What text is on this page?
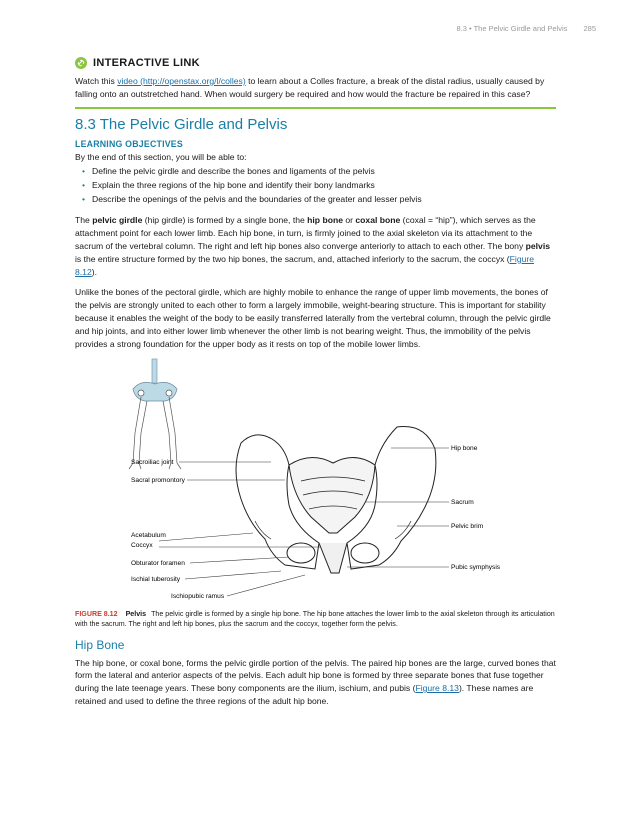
8.3 • The Pelvic Girdle and Pelvis 285
INTERACTIVE LINK

Watch this video (http://openstax.org/l/colles) to learn about a Colles fracture, a break of the distal radius, usually caused by falling onto an outstretched hand. When would surgery be required and how would the fracture be repaired in this case?

8.3 The Pelvic Girdle and Pelvis
LEARNING OBJECTIVES

By the end of this section, you will be able to:

• Define the pelvic girdle and describe the bones and ligaments of the pelvis
• Explain the three regions of the hip bone and identify their bony landmarks
• Describe the openings of the pelvis and the boundaries of the greater and lesser pelvis

The pelvic girdle (hip girdle) is formed by a single bone, the hip bone or coxal bone (coxal = “hip”), which serves as the attachment point for each lower limb. Each hip bone, in turn, is firmly joined to the axial skeleton via its attachment to the sacrum of the vertebral column. The right and left hip bones also converge anteriorly to attach to each other. The bony pelvis is the entire structure formed by the two hip bones, the sacrum, and, attached inferiorly to the sacrum, the coccyx (Figure 8.12).

Unlike the bones of the pectoral girdle, which are highly mobile to enhance the range of upper limb movements, the bones of the pelvis are strongly united to each other to form a largely immobile, weight-bearing structure. This is important for stability because it enables the weight of the body to be easily transferred laterally from the vertebral column, through the pelvic girdle and hip joints, and into either lower limb whenever the other limb is not bearing weight. Thus, the immobility of the pelvis provides a strong foundation for the upper body as it rests on top of the mobile lower limbs.

Sacroiliac joint
Sacral promontory
Acetabulum
Coccyx
Obturator foramen
Ischial tuberosity
Ischiopubic ramus
Hip bone
Sacrum
Pelvic brim
Pubic symphysis

FIGURE 8.12 Pelvis The pelvic girdle is formed by a single hip bone. The hip bone attaches the lower limb to the axial skeleton through its articulation with the sacrum. The right and left hip bones, plus the sacrum and the coccyx, together form the pelvis.

Hip Bone

The hip bone, or coxal bone, forms the pelvic girdle portion of the pelvis. The paired hip bones are the large, curved bones that form the lateral and anterior aspects of the pelvis. Each adult hip bone is formed by three separate bones that fuse together during the late teenage years. These bony components are the ilium, ischium, and pubis (Figure 8.13). These names are retained and used to define the three regions of the adult hip bone.
